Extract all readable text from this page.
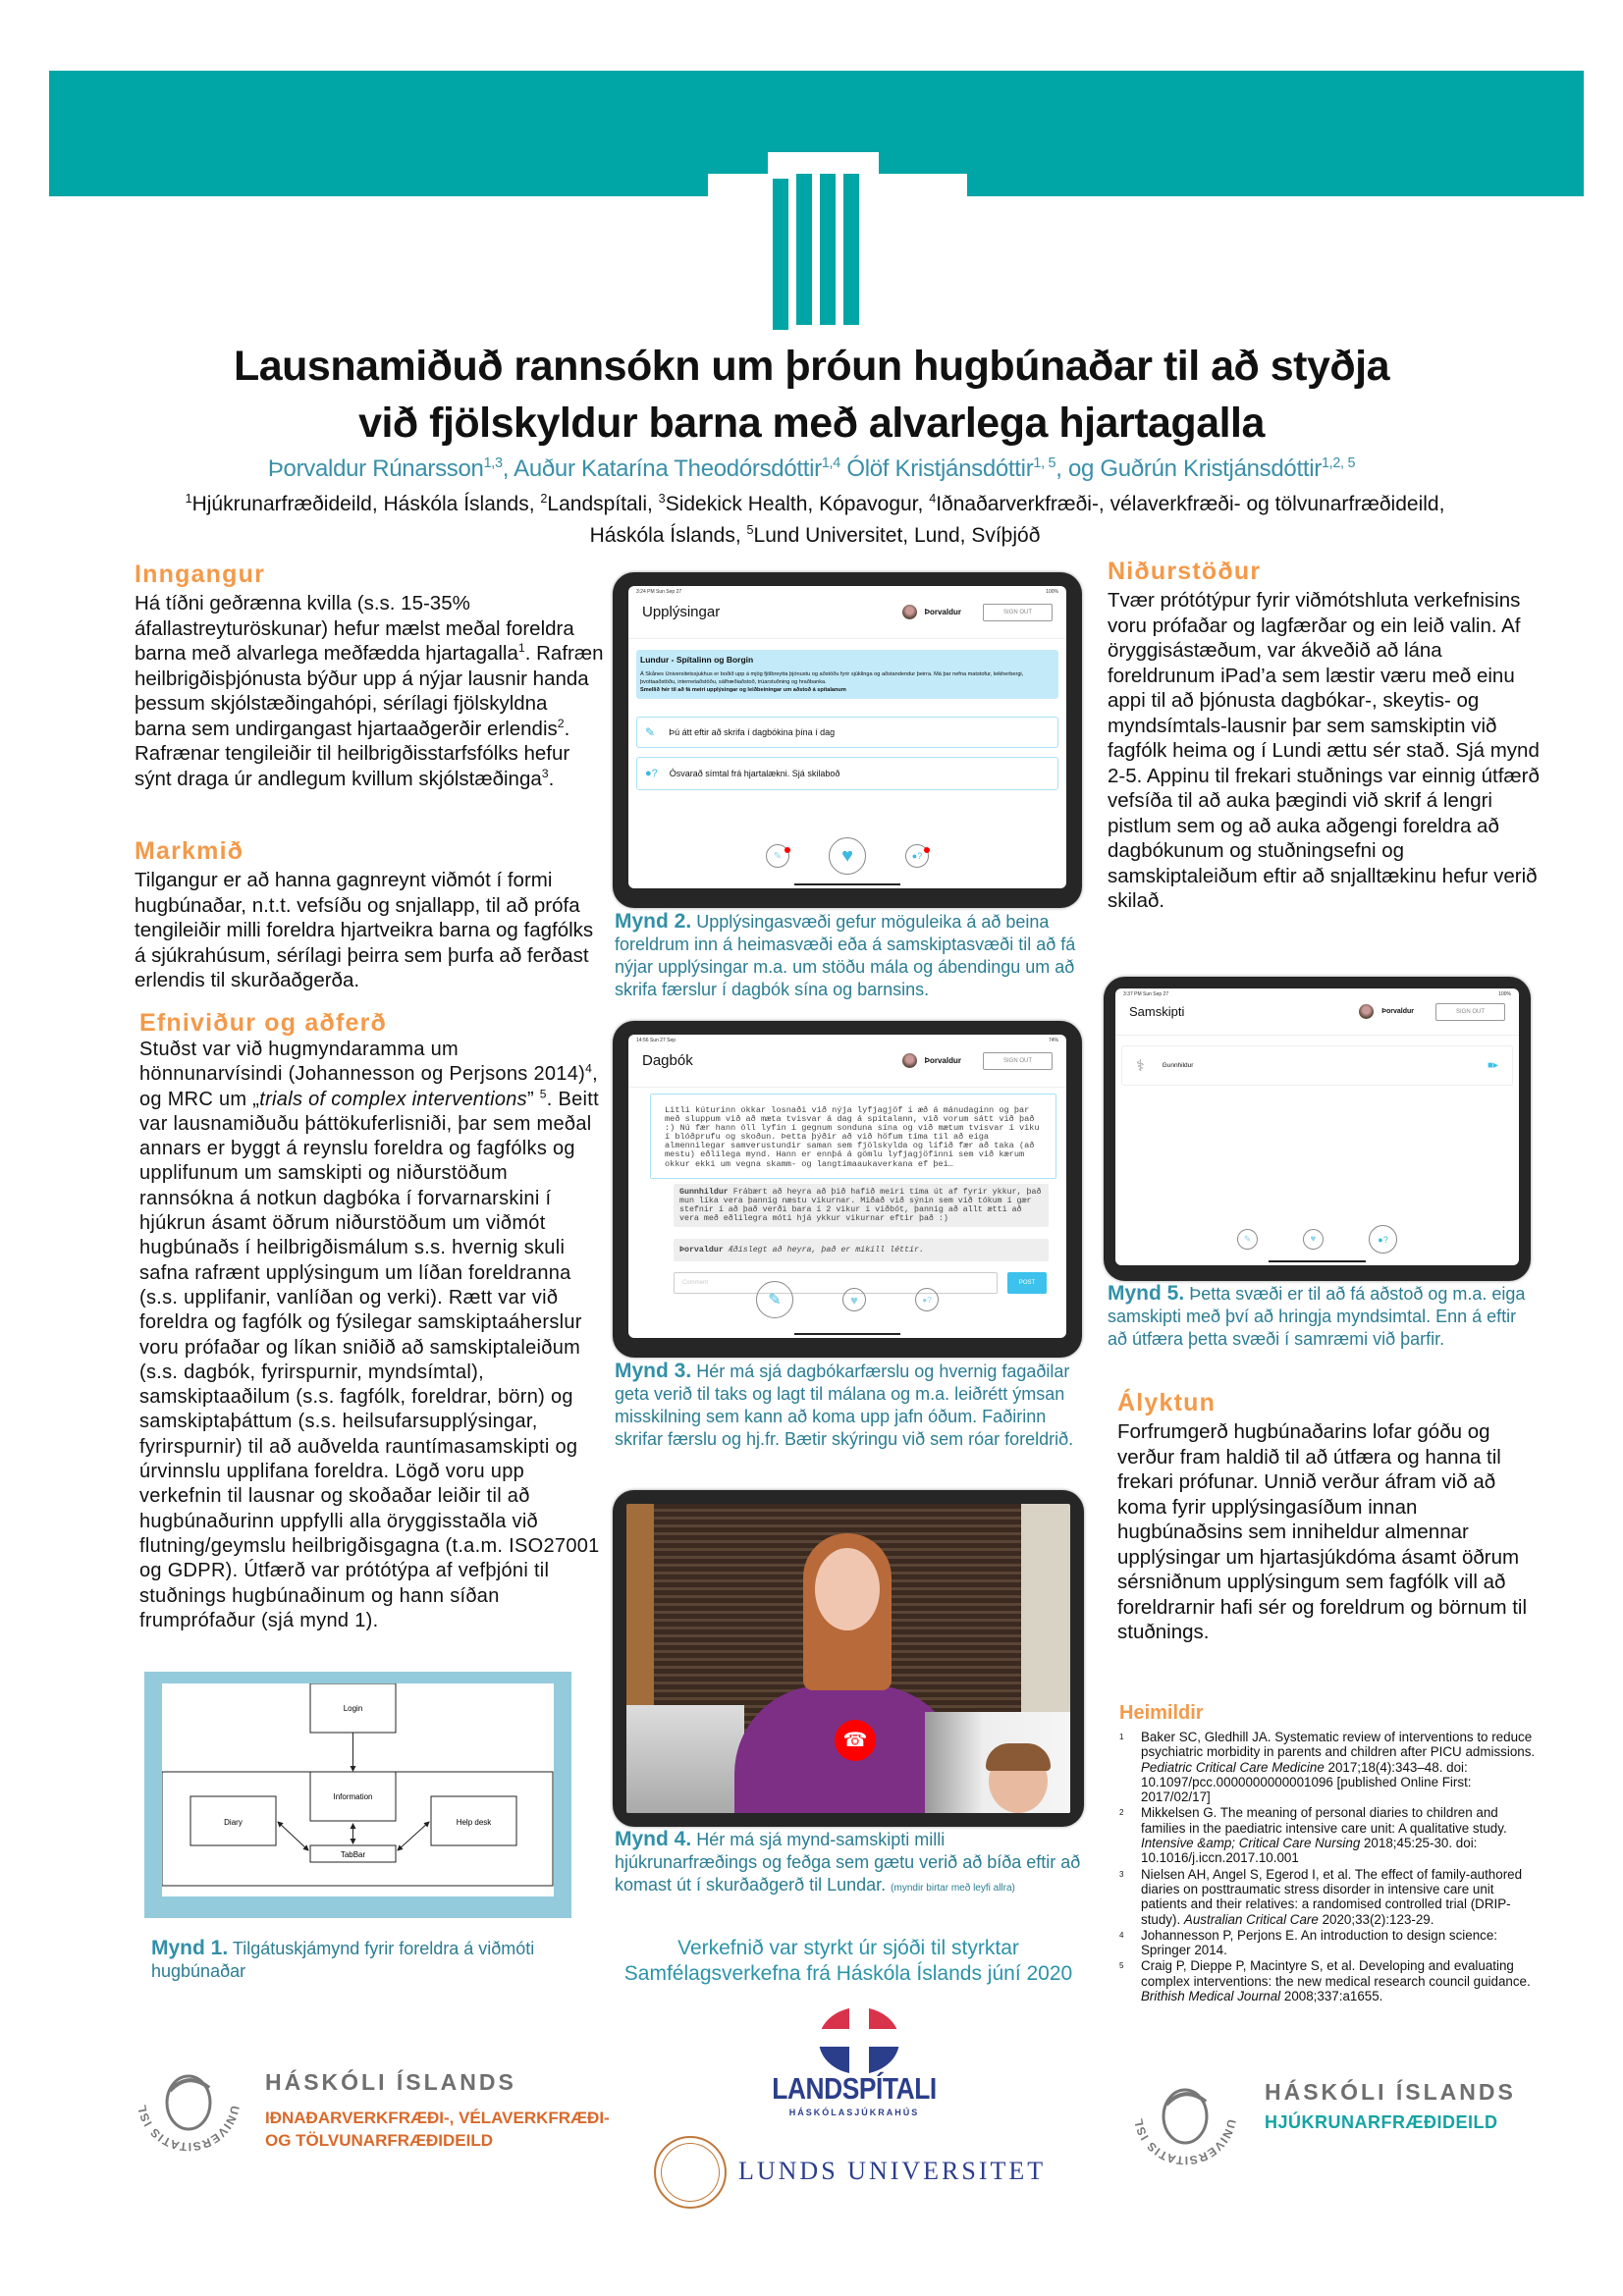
Lausnamiðuð rannsókn um þróun hugbúnaðar til að styðja
við fjölskyldur barna með alvarlega hjartagalla
Þorvaldur Rúnarsson$^{1,3}$, Auður Katarína Theodórsdóttir$^{1,4}$ Ólöf Kristjánsdóttir$^{1, 5}$, og Guðrún Kristjánsdóttir$^{1,2, 5}$
$^1$Hjúkrunarfræðideild, Háskóla Íslands, $^2$Landspítali, $^3$Sidekick Health, Kópavogur, $^4$Iðnaðarverkfræði-, vélaverkfræði- og tölvunarfræðideild, Háskóla Íslands, $^5$Lund Universitet, Lund, Svíþjóð
Inngangur
Há tíðni geðrænna kvilla (s.s. 15-35% áfallastreyturöskunar) hefur mælst meðal foreldra barna með alvarlega meðfædda hjartagalla$^1$. Rafræn heilbrigðisþjónusta býður upp á nýjar lausnir handa þessum skjólstæðingahópi, sérílagi fjölskyldna barna sem undirgangast hjartaaðgerðir erlendis$^2$. Rafrænar tengileiðir til heilbrigðisstarfsfólks hefur sýnt draga úr andlegum kvillum skjólstæðinga$^3$.
Markmið
Tilgangur er að hanna gagnreynt viðmót í formi hugbúnaðar, n.t.t. vefsíðu og snjallapp, til að prófa tengileiðir milli foreldra hjartveikra barna og fagfólks á sjúkrahúsum, sérílagi þeirra sem þurfa að ferðast erlendis til skurðaðgerða.
Efniviður og aðferð
Stuðst var við hugmyndaramma um hönnunarvísindi (Johannesson og Perjsons 2014)$^4$, og MRC um „trials of complex interventions” $^5$. Beitt var lausnamiðuðu þáttökuferlisniði, þar sem meðal annars er byggt á reynslu foreldra og fagfólks og upplifunum um samskipti og niðurstöðum rannsókna á notkun dagbóka í forvarnarskini í hjúkrun ásamt öðrum niðurstöðum um viðmót hugbúnaðs í heilbrigðismálum s.s. hvernig skuli safna rafrænt upplýsingum um líðan foreldranna (s.s. upplifanir, vanlíðan og verki). Rætt var við foreldra og fagfólk og fýsilegar samskiptaáherslur voru prófaðar og líkan sniðið að samskiptaleiðum (s.s. dagbók, fyrirspurnir, myndsímtal), samskiptaaðilum (s.s. fagfólk, foreldrar, börn) og samskiptaþáttum (s.s. heilsufarsupplýsingar, fyrirspurnir) til að auðvelda rauntímasamskipti og úrvinnslu upplifana foreldra. Lögð voru upp verkefnin til lausnar og skoðaðar leiðir til að hugbúnaðurinn uppfylli alla öryggisstaðla við flutning/geymslu heilbrigðisgagna (t.a.m. ISO27001 og GDPR). Útfærð var prótótýpa af vefþjóni til stuðnings hugbúnaðinum og hann síðan frumprófaður (sjá mynd 1).
Login
Information
Diary	Help desk
TabBar
Mynd 1. Tilgátuskjámynd fyrir foreldra á viðmóti hugbúnaðar
3:24 PM Sun Sep 27	100%
Upplýsingar	Þorvaldur	SIGN OUT
Lundur - Spítalinn og Borgin
Á Skånes Universitetssjukhus er boðið upp á mjög fjölbreytta þjónustu og aðstöðu fyrir sjúklinga og aðstandendur þeirra. Má þar nefna matstofur, leikherbergi, þvottaaðstöðu, internetaðstöðu, sálfræðiaðstoð, trúarstuðning og hraðbanka.
Smellið hér til að fá meiri upplýsingar og leiðbeiningar um aðstoð á spítalanum
✎ Þú átt eftir að skrifa í dagbókina þína í dag
●? Ósvarað símtal frá hjartalækni. Sjá skilaboð
✎	♥	●?
Mynd 2. Upplýsingasvæði gefur möguleika á að beina foreldrum inn á heimasvæði eða á samskiptasvæði til að fá nýjar upplýsingar m.a. um stöðu mála og ábendingu um að skrifa færslur í dagbók sína og barnsins.
14:56 Sun 27 Sep	74%
Dagbók	Þorvaldur	SIGN OUT
Litli kúturinn okkar losnaði við nýja lyfjagjöf í æð á mánudaginn og þar með sluppum við að mæta tvisvar á dag á spítalann, við vorum sátt við það :) Nú fær hann öll lyfin í gegnum sonduna sína og við mætum tvisvar í viku í blóðprufu og skoðun. Þetta þýðir að við höfum tíma til að eiga almennilegar samverustundir saman sem fjölskylda og lífið fær að taka (að mestu) eðlilega mynd. Hann er ennþá á gömlu lyfjagjöfinni sem við kærum okkur ekki um vegna skamm- og langtímaaukaverkana ef þei…
Gunnhildur Frábært að heyra að þið hafið meiri tíma út af fyrir ykkur, það mun líka vera þannig næstu vikurnar. Miðað við sýnin sem við tókum í gær stefnir í að það verði bara í 2 vikur í viðbót, þannig að allt ætti að vera með eðlilegra móti hjá ykkur vikurnar eftir það :)
Þorvaldur Æðislegt að heyra, það er mikill léttir.
Comment	POST
✎	♥	●?
Mynd 3. Hér má sjá dagbókarfærslu og hvernig fagaðilar geta verið til taks og lagt til málana og m.a. leiðrétt ýmsan misskilning sem kann að koma upp jafn óðum. Faðirinn skrifar færslu og hj.fr. Bætir skýringu við sem róar foreldrið.
☎
Mynd 4. Hér má sjá mynd-samskipti milli hjúkrunarfræðings og feðga sem gætu verið að bíða eftir að komast út í skurðaðgerð til Lundar. (myndir birtar með leyfi allra)
Verkefnið var styrkt úr sjóði til styrktar
Samfélagsverkefna frá Háskóla Íslands júní 2020
Niðurstöður
Tvær prótótýpur fyrir viðmótshluta verkefnisins voru prófaðar og lagfærðar og ein leið valin. Af öryggisástæðum, var ákveðið að lána foreldrunum iPad’a sem læstir væru með einu appi til að þjónusta dagbókar-, skeytis- og myndsímtals-lausnir þar sem samskiptin við fagfólk heima og í Lundi ættu sér stað. Sjá mynd 2-5. Appinu til frekari stuðnings var einnig útfærð vefsíða til að auka þægindi við skrif á lengri pistlum sem og að auka aðgengi foreldra að dagbókunum og stuðningsefni og samskiptaleiðum eftir að snjalltækinu hefur verið skilað.
3:37 PM Sun Sep 27	100%
Samskipti	Þorvaldur	SIGN OUT
⚕	Gunnhildur	■▸
✎	♥	●?
Mynd 5. Þetta svæði er til að fá aðstoð og m.a. eiga samskipti með því að hringja myndsimtal. Enn á eftir að útfæra þetta svæði í samræmi við þarfir.
Ályktun
Forfrumgerð hugbúnaðarins lofar góðu og verður fram haldið til að útfæra og hanna til frekari prófunar. Unnið verður áfram við að koma fyrir upplýsingasíðum innan hugbúnaðsins sem inniheldur almennar upplýsingar um hjartasjúkdóma ásamt öðrum sérsniðnum upplýsingum sem fagfólk vill að foreldrarnir hafi sér og foreldrum og börnum til stuðnings.
Heimildir
1 Baker SC, Gledhill JA. Systematic review of interventions to reduce psychiatric morbidity in parents and children after PICU admissions. Pediatric Critical Care Medicine 2017;18(4):343–48. doi: 10.1097/pcc.0000000000001096 [published Online First: 2017/02/17]
2 Mikkelsen G. The meaning of personal diaries to children and families in the paediatric intensive care unit: A qualitative study. Intensive &amp; Critical Care Nursing 2018;45:25-30. doi: 10.1016/j.iccn.2017.10.001
3 Nielsen AH, Angel S, Egerod I, et al. The effect of family-authored diaries on posttraumatic stress disorder in intensive care unit patients and their relatives: a randomised controlled trial (DRIP-study). Australian Critical Care 2020;33(2):123-29.
4 Johannesson P, Perjons E. An introduction to design science: Springer 2014.
5 Craig P, Dieppe P, Macintyre S, et al. Developing and evaluating complex interventions: the new medical research council guidance. Brithish Medical Journal 2008;337:a1655.
UNIVERSITATIS ISL
HÁSKÓLI ÍSLANDS
IÐNAÐARVERKFRÆÐI-, VÉLAVERKFRÆÐI-
OG TÖLVUNARFRÆÐIDEILD
LANDSPÍTALI
HÁSKÓLASJÚKRAHÚS
LUNDS UNIVERSITET
UNIVERSITATIS ISL
HÁSKÓLI ÍSLANDS
HJÚKRUNARFRÆÐIDEILD
